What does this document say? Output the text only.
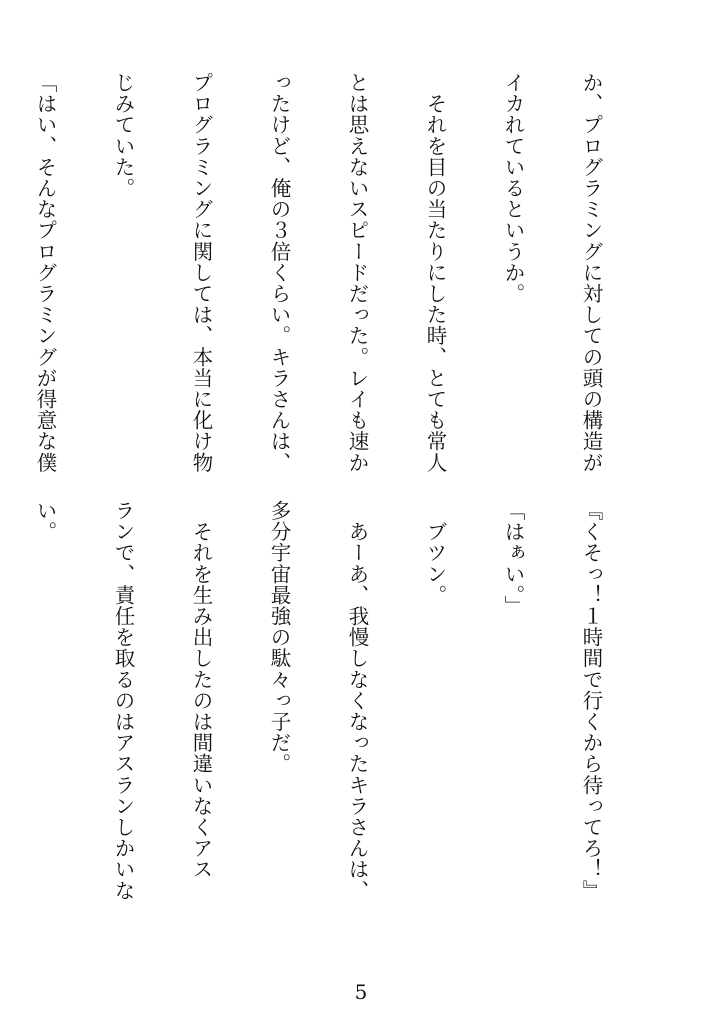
か、プログラミングに対しての頭の構造が

イカれているというか。

　それを目の当たりにした時、とても常人

とは思えないスピードだった。レイも速か

ったけど、俺の３倍くらい。キラさんは、

プログラミングに関しては、本当に化け物

じみていた。

「はい、そんなプログラミングが得意な僕

『くそっ！１時間で行くから待ってろ！』

「はぁい。」

　ブツン。

　あーあ、我慢しなくなったキラさんは、

多分宇宙最強の駄々っ子だ。

　それを生み出したのは間違いなくアス

ランで、責任を取るのはアスランしかいな

い。

5
